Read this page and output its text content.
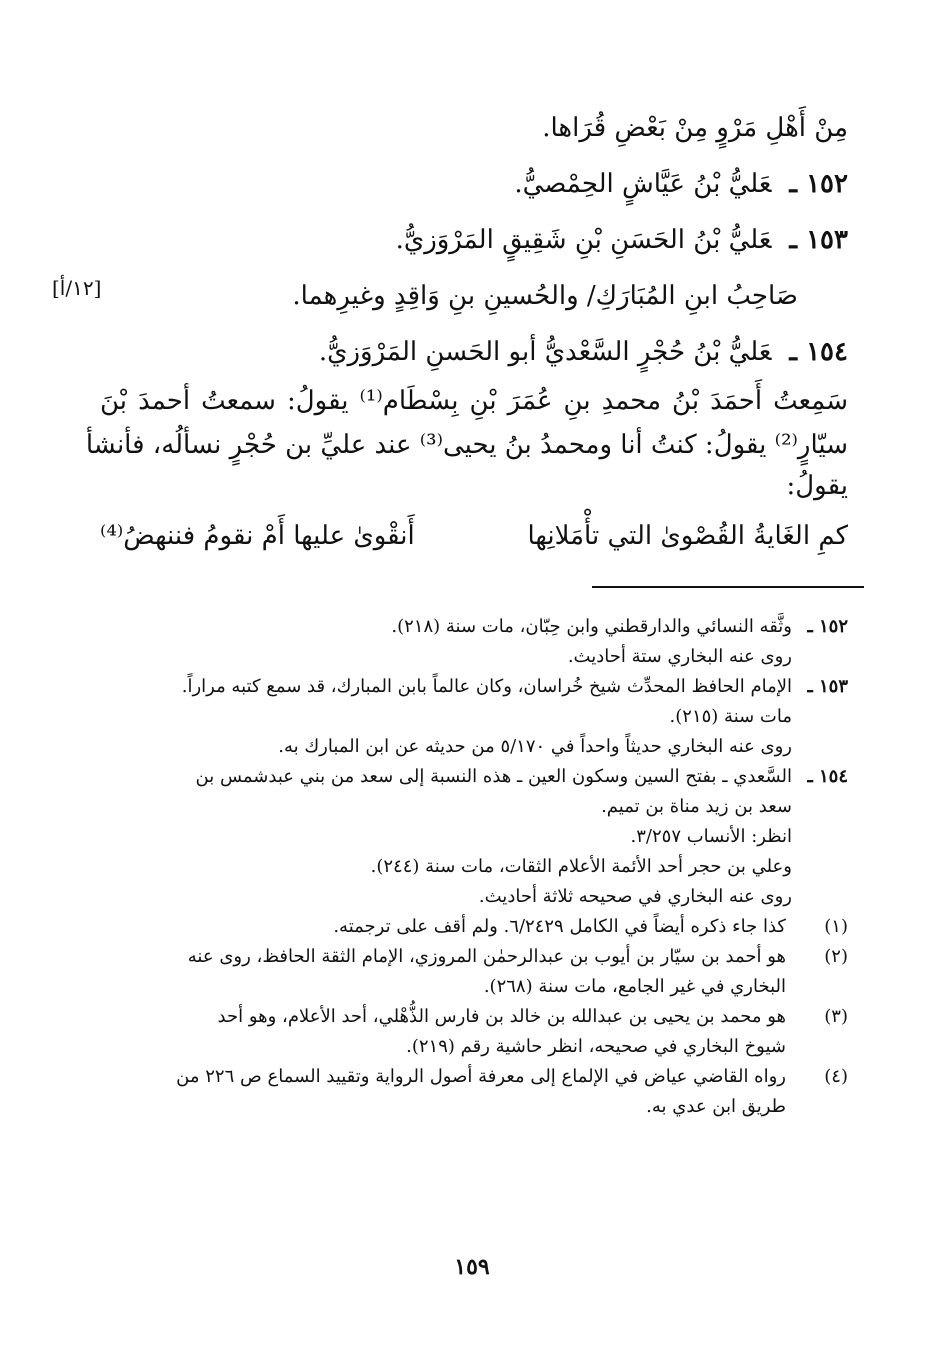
مِنْ أَهْلِ مَرْوٍ مِنْ بَعْضِ قُرَاها.
١٥٢ ـعَليُّ بْنُ عَيَّاشٍ الحِمْصيُّ.
١٥٣ ـعَليُّ بْنُ الحَسَنِ بْنِ شَقِيقٍ المَرْوَزيُّ.
صَاحِبُ ابنِ المُبَارَكِ/ والحُسينِ بنِ وَاقِدٍ وغيرِهما.
١٥٤ ـعَليُّ بْنُ حُجْرٍ السَّعْديُّ أبو الحَسنِ المَرْوَزيُّ.
سَمِعتُ أَحمَدَ بْنُ محمدِ بنِ عُمَرَ بْنِ بِسْطَام⁽¹⁾ يقولُ: سمعتُ أحمدَ بْنَ
سيّارٍ⁽²⁾ يقولُ: كنتُ أنا ومحمدُ بنُ يحيى⁽³⁾ عند عليِّ بن حُجْرٍ نسألُه، فأنشأ
يقولُ:
كمِ الغَايةُ القُصْوىٰ التي تأْمَلانِها
أَنقْوىٰ عليها أَمْ نقومُ فننهضُ⁽⁴⁾
[١٢/أ]
١٥٢ ـ
وثَّقه النسائي والدارقطني وابن حِبّان، مات سنة (٢١٨).
روى عنه البخاري ستة أحاديث.
١٥٣ ـ
الإمام الحافظ المحدِّث شيخ خُراسان، وكان عالماً بابن المبارك، قد سمع كتبه مراراً.
مات سنة (٢١٥).
روى عنه البخاري حديثاً واحداً في ٥/١٧٠ من حديثه عن ابن المبارك به.
١٥٤ ـ
السَّعدي ـ بفتح السين وسكون العين ـ هذه النسبة إلى سعد من بني عبدشمس بن
سعد بن زيد مناة بن تميم.
انظر: الأنساب ٣/٢٥٧.
وعلي بن حجر أحد الأئمة الأعلام الثقات، مات سنة (٢٤٤).
روى عنه البخاري في صحيحه ثلاثة أحاديث.
(١)
كذا جاء ذكره أيضاً في الكامل ٦/٢٤٢٩. ولم أقف على ترجمته.
(٢)
هو أحمد بن سيّار بن أيوب بن عبدالرحمٰن المروزي، الإمام الثقة الحافظ، روى عنه
البخاري في غير الجامع، مات سنة (٢٦٨).
(٣)
هو محمد بن يحيى بن عبدالله بن خالد بن فارس الذُّهْلي، أحد الأعلام، وهو أحد
شيوخ البخاري في صحيحه، انظر حاشية رقم (٢١٩).
(٤)
رواه القاضي عياض في الإلماع إلى معرفة أصول الرواية وتقييد السماع ص ٢٢٦ من
طريق ابن عدي به.
١٥٩
